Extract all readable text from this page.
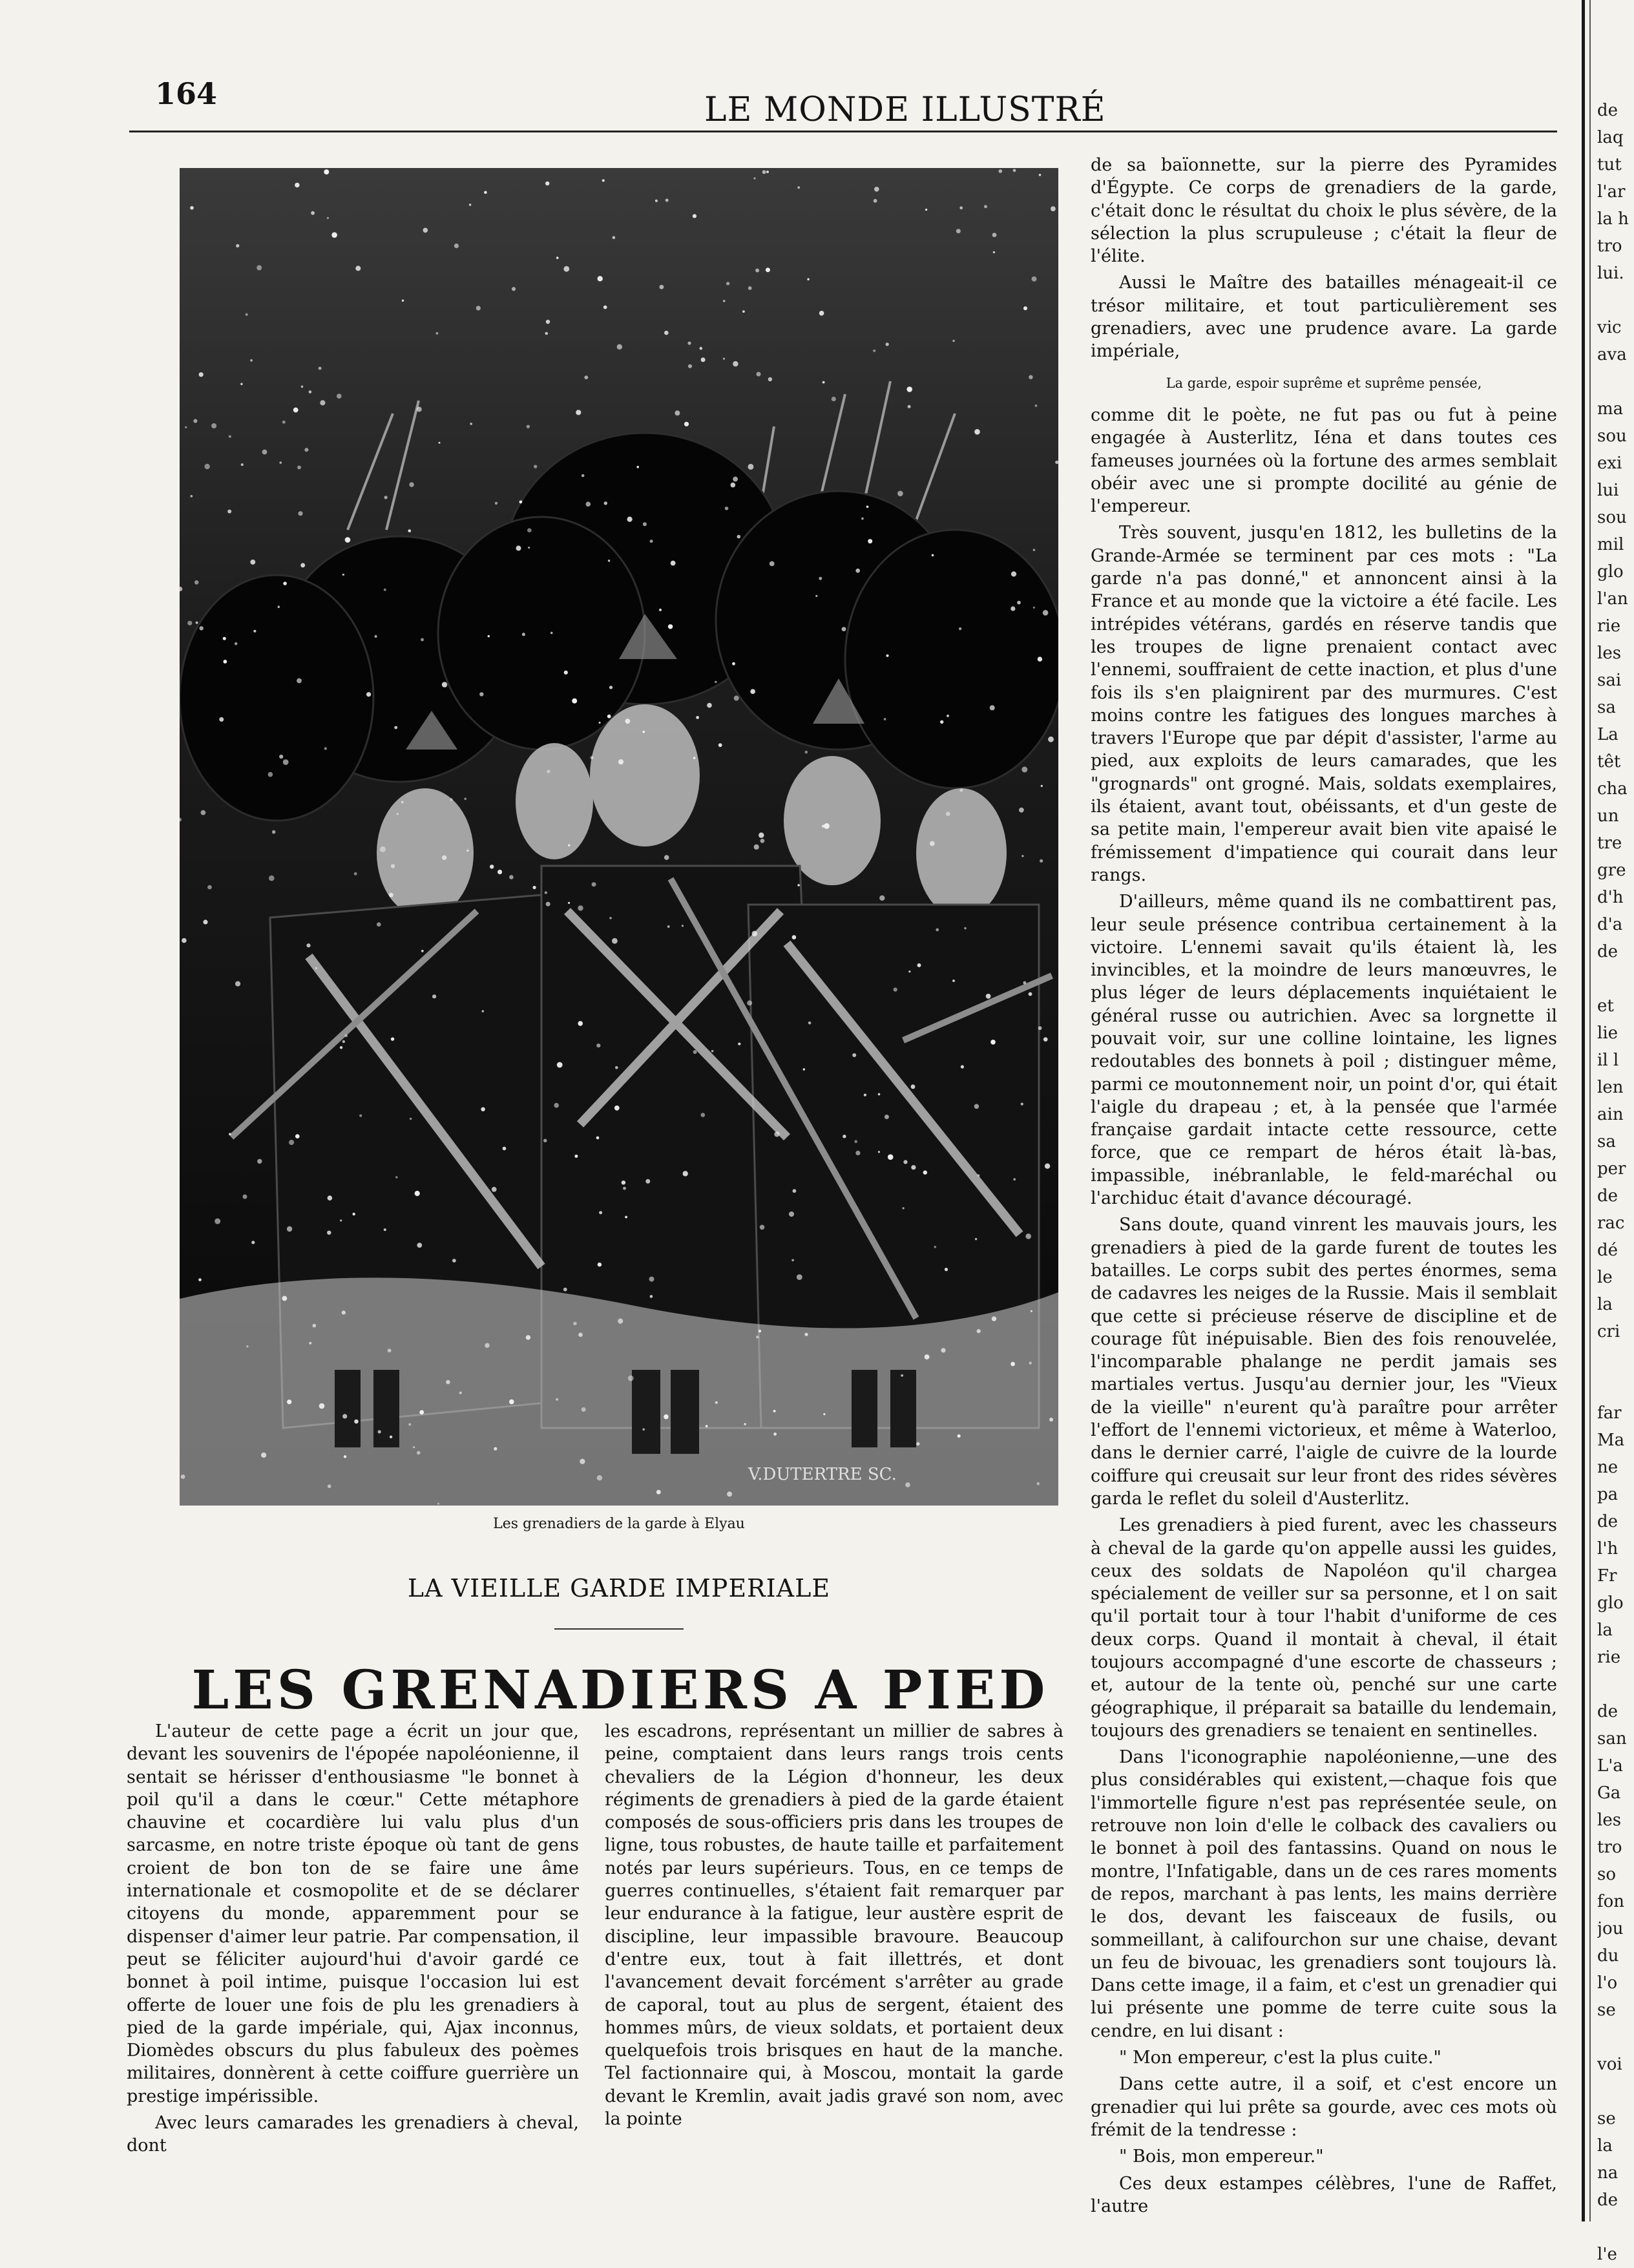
164	LE MONDE ILLUSTRÉ
V.DUTERTRE SC.
Les grenadiers de la garde à Elyau
LA VIEILLE GARDE IMPERIALE
LES GRENADIERS A PIED

L'auteur de cette page a écrit un jour que, devant les souvenirs de l'épopée napoléonienne, il sentait se hérisser d'enthousiasme "le bonnet à poil qu'il a dans le cœur." Cette métaphore chauvine et cocardière lui valu plus d'un sarcasme, en notre triste époque où tant de gens croient de bon ton de se faire une âme internationale et cosmopolite et de se déclarer citoyens du monde, apparemment pour se dispenser d'aimer leur patrie. Par compensation, il peut se féliciter aujourd'hui d'avoir gardé ce bonnet à poil intime, puisque l'occasion lui est offerte de louer une fois de plu les grenadiers à pied de la garde impériale, qui, Ajax inconnus, Diomèdes obscurs du plus fabuleux des poèmes militaires, donnèrent à cette coiffure guerrière un prestige impérissible.

Avec leurs camarades les grenadiers à cheval, dont

les escadrons, représentant un millier de sabres à peine, comptaient dans leurs rangs trois cents chevaliers de la Légion d'honneur, les deux régiments de grenadiers à pied de la garde étaient composés de sous-officiers pris dans les troupes de ligne, tous robustes, de haute taille et parfaitement notés par leurs supérieurs. Tous, en ce temps de guerres continuelles, s'étaient fait remarquer par leur endurance à la fatigue, leur austère esprit de discipline, leur impassible bravoure. Beaucoup d'entre eux, tout à fait illettrés, et dont l'avancement devait forcément s'arrêter au grade de caporal, tout au plus de sergent, étaient des hommes mûrs, de vieux soldats, et portaient deux quelquefois trois brisques en haut de la manche. Tel factionnaire qui, à Moscou, montait la garde devant le Kremlin, avait jadis gravé son nom, avec la pointe

de sa baïonnette, sur la pierre des Pyramides d'Égypte. Ce corps de grenadiers de la garde, c'était donc le résultat du choix le plus sévère, de la sélection la plus scrupuleuse ; c'était la fleur de l'élite.

Aussi le Maître des batailles ménageait-il ce trésor militaire, et tout particulièrement ses grenadiers, avec une prudence avare. La garde impériale,

La garde, espoir suprême et suprême pensée,

comme dit le poète, ne fut pas ou fut à peine engagée à Austerlitz, Iéna et dans toutes ces fameuses journées où la fortune des armes semblait obéir avec une si prompte docilité au génie de l'empereur.

Très souvent, jusqu'en 1812, les bulletins de la Grande-Armée se terminent par ces mots : "La garde n'a pas donné," et annoncent ainsi à la France et au monde que la victoire a été facile. Les intrépides vétérans, gardés en réserve tandis que les troupes de ligne prenaient contact avec l'ennemi, souffraient de cette inaction, et plus d'une fois ils s'en plaignirent par des murmures. C'est moins contre les fatigues des longues marches à travers l'Europe que par dépit d'assister, l'arme au pied, aux exploits de leurs camarades, que les "grognards" ont grogné. Mais, soldats exemplaires, ils étaient, avant tout, obéissants, et d'un geste de sa petite main, l'empereur avait bien vite apaisé le frémissement d'impatience qui courait dans leur rangs.

D'ailleurs, même quand ils ne combattirent pas, leur seule présence contribua certainement à la victoire. L'ennemi savait qu'ils étaient là, les invincibles, et la moindre de leurs manœuvres, le plus léger de leurs déplacements inquiétaient le général russe ou autrichien. Avec sa lorgnette il pouvait voir, sur une colline lointaine, les lignes redoutables des bonnets à poil ; distinguer même, parmi ce moutonnement noir, un point d'or, qui était l'aigle du drapeau ; et, à la pensée que l'armée française gardait intacte cette ressource, cette force, que ce rempart de héros était là-bas, impassible, inébranlable, le feld-maréchal ou l'archiduc était d'avance découragé.

Sans doute, quand vinrent les mauvais jours, les grenadiers à pied de la garde furent de toutes les batailles. Le corps subit des pertes énormes, sema de cadavres les neiges de la Russie. Mais il semblait que cette si précieuse réserve de discipline et de courage fût inépuisable. Bien des fois renouvelée, l'incomparable phalange ne perdit jamais ses martiales vertus. Jusqu'au dernier jour, les "Vieux de la vieille" n'eurent qu'à paraître pour arrêter l'effort de l'ennemi victorieux, et même à Waterloo, dans le dernier carré, l'aigle de cuivre de la lourde coiffure qui creusait sur leur front des rides sévères garda le reflet du soleil d'Austerlitz.

Les grenadiers à pied furent, avec les chasseurs à cheval de la garde qu'on appelle aussi les guides, ceux des soldats de Napoléon qu'il chargea spécialement de veiller sur sa personne, et l on sait qu'il portait tour à tour l'habit d'uniforme de ces deux corps. Quand il montait à cheval, il était toujours accompagné d'une escorte de chasseurs ; et, autour de la tente où, penché sur une carte géographique, il préparait sa bataille du lendemain, toujours des grenadiers se tenaient en sentinelles.

Dans l'iconographie napoléonienne,—une des plus considérables qui existent,—chaque fois que l'immortelle figure n'est pas représentée seule, on retrouve non loin d'elle le colback des cavaliers ou le bonnet à poil des fantassins. Quand on nous le montre, l'Infatigable, dans un de ces rares moments de repos, marchant à pas lents, les mains derrière le dos, devant les faisceaux de fusils, ou sommeillant, à califourchon sur une chaise, devant un feu de bivouac, les grenadiers sont toujours là. Dans cette image, il a faim, et c'est un grenadier qui lui présente une pomme de terre cuite sous la cendre, en lui disant :

" Mon empereur, c'est la plus cuite."

Dans cette autre, il a soif, et c'est encore un grenadier qui lui prête sa gourde, avec ces mots où frémit de la tendresse :

" Bois, mon empereur."

Ces deux estampes célèbres, l'une de Raffet, l'autre

de
laq
tut
l'ar
la h
tro
lui.
vic
ava
ma
sou
exi
lui
sou
mil
glo
l'an
rie
les
sai
sa
La
têt
cha
un
tre
gre
d'h
d'a
de
et
lie
il l
len
ain
sa
per
de
rac
dé
le
la
cri
far
Ma
ne
pa
de
l'h
Fr
glo
la
rie
de
san
L'a
Ga
les
tro
so
fon
jou
du
l'o
se
voi
se
la
na
de
l'e
